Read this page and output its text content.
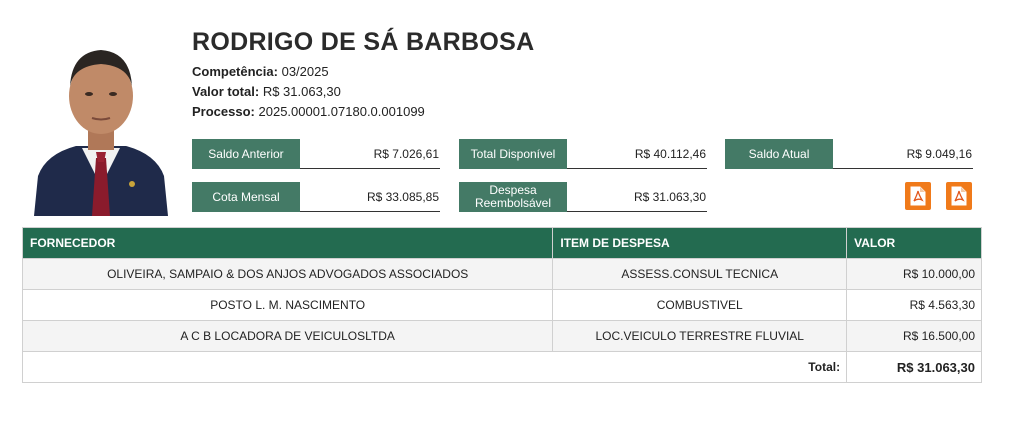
RODRIGO DE SÁ BARBOSA
Competência: 03/2025
Valor total: R$ 31.063,30
Processo: 2025.00001.07180.0.001099
Saldo Anterior	R$ 7.026,61	Total Disponível	R$ 40.112,46	Saldo Atual	R$ 9.049,16
Cota Mensal	R$ 33.085,85	Despesa Reembolsável	R$ 31.063,30
FORNECEDOR	ITEM DE DESPESA	VALOR
OLIVEIRA, SAMPAIO & DOS ANJOS ADVOGADOS ASSOCIADOS	ASSESS.CONSUL TECNICA	R$ 10.000,00
POSTO L. M. NASCIMENTO	COMBUSTIVEL	R$ 4.563,30
A C B LOCADORA DE VEICULOSLTDA	LOC.VEICULO TERRESTRE FLUVIAL	R$ 16.500,00
Total:		R$ 31.063,30
